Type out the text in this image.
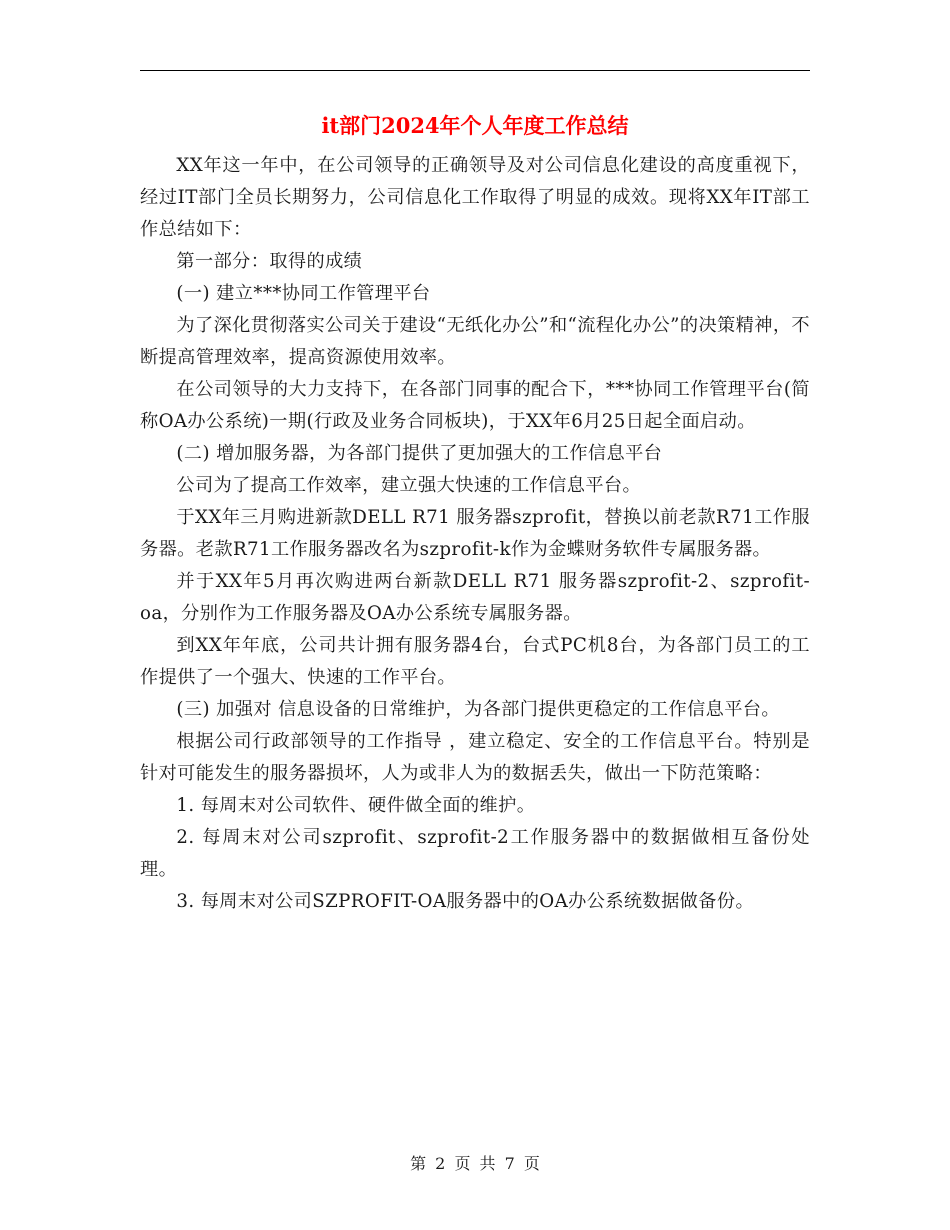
it部门2024年个人年度工作总结

XX年这一年中，在公司领导的正确领导及对公司信息化建设的高度重视下，经过IT部门全员长期努力，公司信息化工作取得了明显的成效。现将XX年IT部工作总结如下：

第一部分：取得的成绩

(一) 建立***协同工作管理平台

为了深化贯彻落实公司关于建设“无纸化办公”和“流程化办公”的决策精神，不断提高管理效率，提高资源使用效率。

在公司领导的大力支持下，在各部门同事的配合下，***协同工作管理平台(简称OA办公系统)一期(行政及业务合同板块)，于XX年6月25日起全面启动。

(二) 增加服务器，为各部门提供了更加强大的工作信息平台

公司为了提高工作效率，建立强大快速的工作信息平台。

于XX年三月购进新款DELL R71 服务器szprofit，替换以前老款R71工作服务器。老款R71工作服务器改名为szprofit-k作为金蝶财务软件专属服务器。

并于XX年5月再次购进两台新款DELL R71 服务器szprofit-2、szprofit-oa，分别作为工作服务器及OA办公系统专属服务器。

到XX年年底，公司共计拥有服务器4台，台式PC机8台，为各部门员工的工作提供了一个强大、快速的工作平台。

(三) 加强对 信息设备的日常维护，为各部门提供更稳定的工作信息平台。

根据公司行政部领导的工作指导 ，建立稳定、安全的工作信息平台。特别是针对可能发生的服务器损坏，人为或非人为的数据丢失，做出一下防范策略：

1. 每周末对公司软件、硬件做全面的维护。

2. 每周末对公司szprofit、szprofit-2工作服务器中的数据做相互备份处理。

3. 每周末对公司SZPROFIT-OA服务器中的OA办公系统数据做备份。

第 2 页 共 7 页
